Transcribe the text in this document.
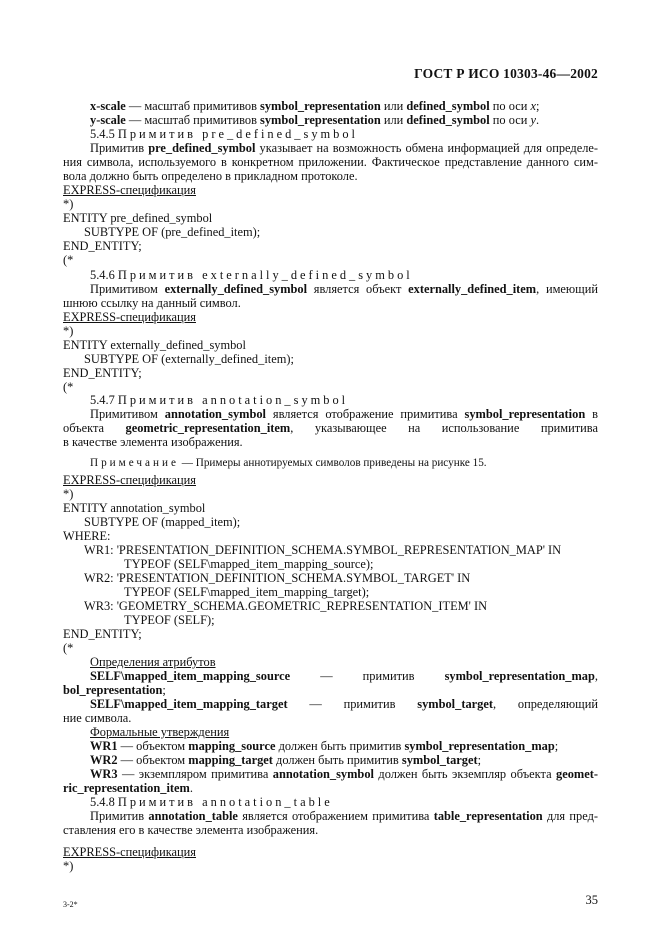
ГОСТ Р ИСО 10303-46—2002
x-scale — масштаб примитивов symbol_representation или defined_symbol по оси x;
y-scale — масштаб примитивов symbol_representation или defined_symbol по оси y.
5.4.5 Примитив pre_defined_symbol
Примитив pre_defined_symbol указывает на возможность обмена информацией для определе-
ния символа, используемого в конкретном приложении. Фактическое представление данного сим-
вола должно быть определено в прикладном протоколе.
EXPRESS-спецификация
*)
ENTITY pre_defined_symbol
SUBTYPE OF (pre_defined_item);
END_ENTITY;
(*
5.4.6 Примитив externally_defined_symbol
Примитивом externally_defined_symbol является объект externally_defined_item, имеющий
шнюю ссылку на данный символ.
EXPRESS-спецификация
*)
ENTITY externally_defined_symbol
SUBTYPE OF (externally_defined_item);
END_ENTITY;
(*
5.4.7 Примитив annotation_symbol
Примитивом annotation_symbol является отображение примитива symbol_representation в
объекта geometric_representation_item, указывающее на использование примитива
в качестве элемента изображения.
Примечание — Примеры аннотируемых символов приведены на рисунке 15.
EXPRESS-спецификация
*)
ENTITY annotation_symbol
SUBTYPE OF (mapped_item);
WHERE:
WR1: 'PRESENTATION_DEFINITION_SCHEMA.SYMBOL_REPRESENTATION_MAP' IN
TYPEOF (SELF\mapped_item_mapping_source);
WR2: 'PRESENTATION_DEFINITION_SCHEMA.SYMBOL_TARGET' IN
TYPEOF (SELF\mapped_item_mapping_target);
WR3: 'GEOMETRY_SCHEMA.GEOMETRIC_REPRESENTATION_ITEM' IN
TYPEOF (SELF);
END_ENTITY;
(*
Определения атрибутов
SELF\mapped_item_mapping_source — примитив symbol_representation_map,
bol_representation;
SELF\mapped_item_mapping_target — примитив symbol_target, определяющий
ние символа.
Формальные утверждения
WR1 — объектом mapping_source должен быть примитив symbol_representation_map;
WR2 — объектом mapping_target должен быть примитив symbol_target;
WR3 — экземпляром примитива annotation_symbol должен быть экземпляр объекта geomet-
ric_representation_item.
5.4.8 Примитив annotation_table
Примитив annotation_table является отображением примитива table_representation для пред-
ставления его в качестве элемента изображения.
EXPRESS-спецификация
*)
3-2*	35
